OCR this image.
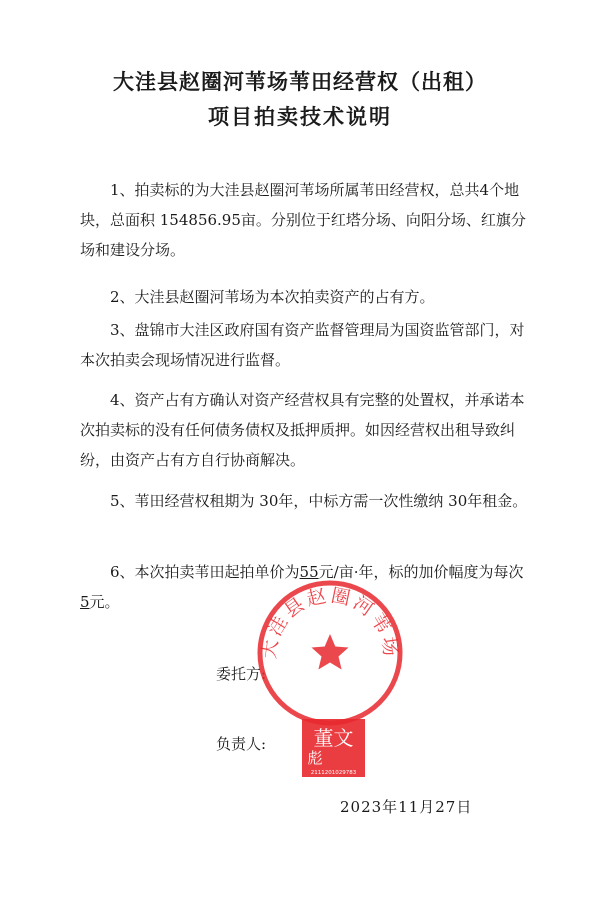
大洼县赵圈河苇场苇田经营权（出租）
项目拍卖技术说明

1、拍卖标的为大洼县赵圈河苇场所属苇田经营权，总共4个地块，总面积 154856.95亩。分别位于红塔分场、向阳分场、红旗分场和建设分场。

2、大洼县赵圈河苇场为本次拍卖资产的占有方。

3、盘锦市大洼区政府国有资产监督管理局为国资监管部门，对本次拍卖会现场情况进行监督。

4、资产占有方确认对资产经营权具有完整的处置权，并承诺本次拍卖标的没有任何债务债权及抵押质押。如因经营权出租导致纠纷，由资产占有方自行协商解决。

5、苇田经营权租期为 30年，中标方需一次性缴纳 30年租金。

6、本次拍卖苇田起拍单价为55元/亩·年，标的加价幅度为每次5元。

委托方:
负责人:
2023年11月27日
大洼县赵圈河苇场
董文
彪
2111201029783
